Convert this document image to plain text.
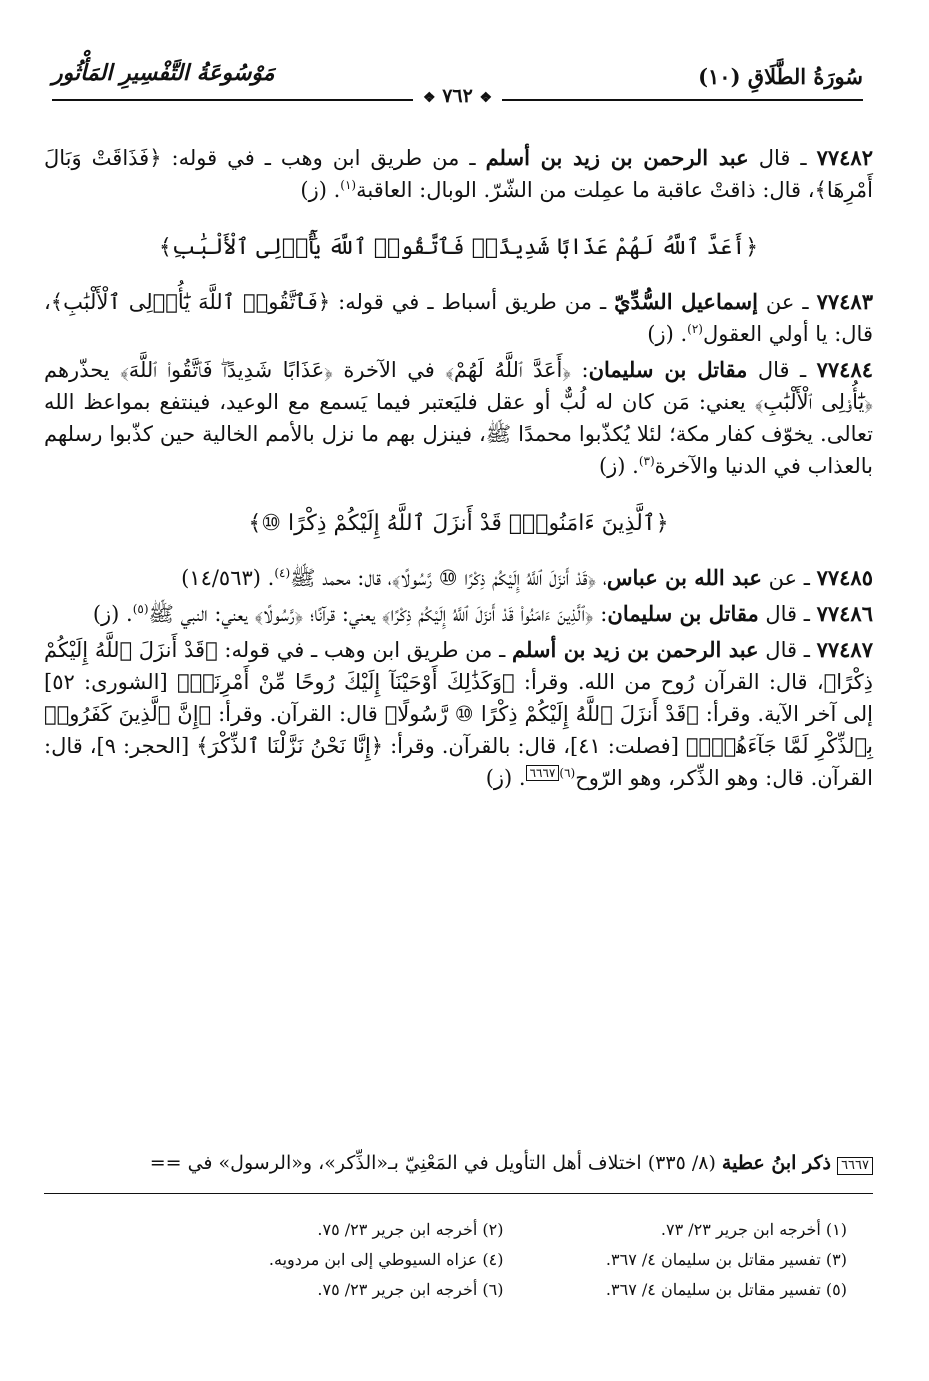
سُورَةُ الطَّلَاقِ (١٠)
مَوْسُوعَةُ التَّفْسِيرِ المَأْثُور
❖ ٧٦٢ ❖

٧٧٤٨٢ ـ قال عبد الرحمن بن زيد بن أسلم ـ من طريق ابن وهب ـ في قوله: ﴿فَذَاقَتْ وَبَالَ أَمْرِهَا﴾، قال: ذاقتْ عاقبة ما عمِلت من الشّرّ. الوبال: العاقبة$^{(١)}$. (ز)

﴿أَعَدَّ ٱللَّهُ لَهُمْ عَذَابًا شَدِيدًاۖ فَٱتَّقُوا۟ ٱللَّهَ يَٰٓأُو۟لِى ٱلْأَلْبَٰبِ﴾

٧٧٤٨٣ ـ عن إسماعيل السُّدِّيّ ـ من طريق أسباط ـ في قوله: ﴿فَٱتَّقُوا۟ ٱللَّهَ يَٰٓأُو۟لِى ٱلْأَلْبَٰبِ﴾، قال: يا أولي العقول$^{(٢)}$. (ز)

٧٧٤٨٤ ـ قال مقاتل بن سليمان: ﴿أَعَدَّ ٱللَّهُ لَهُمْ﴾ في الآخرة ﴿عَذَابًا شَدِيدًاۖ فَٱتَّقُوا۟ ٱللَّهَ﴾ يحذّرهم ﴿يَٰٓأُو۟لِى ٱلْأَلْبَٰبِ﴾ يعني: مَن كان له لُبٌّ أو عقل فليَعتبر فيما يَسمع مع الوعيد، فينتفع بمواعظ الله تعالى. يخوّف كفار مكة؛ لئلا يُكذّبوا محمدًا ﷺ، فينزل بهم ما نزل بالأمم الخالية حين كذّبوا رسلهم بالعذاب في الدنيا والآخرة$^{(٣)}$. (ز)

﴿ٱلَّذِينَ ءَامَنُوا۟ۚ قَدْ أَنزَلَ ٱللَّهُ إِلَيْكُمْ ذِكْرًا ⑩﴾

٧٧٤٨٥ ـ عن عبد الله بن عباس، ﴿قَدْ أَنزَلَ ٱللَّهُ إِلَيْكُمْ ذِكْرًا ⑩ رَّسُولًا﴾، قال: محمد ﷺ$^{(٤)}$. (١٤/٥٦٣)

٧٧٤٨٦ ـ قال مقاتل بن سليمان: ﴿ٱلَّذِينَ ءَامَنُوا۟ قَدْ أَنزَلَ ٱللَّهُ إِلَيْكُمْ ذِكْرًا﴾ يعني: قرآنًا؛ ﴿رَّسُولًا﴾ يعني: النبي ﷺ$^{(٥)}$. (ز)

٧٧٤٨٧ ـ قال عبد الرحمن بن زيد بن أسلم ـ من طريق ابن وهب ـ في قوله: ﴿قَدْ أَنزَلَ ٱللَّهُ إِلَيْكُمْ ذِكْرًا﴾، قال: القرآن رُوح من الله. وقرأ: ﴿وَكَذَٰلِكَ أَوْحَيْنَآ إِلَيْكَ رُوحًا مِّنْ أَمْرِنَاۚ﴾ [الشورى: ٥٢] إلى آخر الآية. وقرأ: ﴿قَدْ أَنزَلَ ٱللَّهُ إِلَيْكُمْ ذِكْرًا ⑩ رَّسُولًا﴾ قال: القرآن. وقرأ: ﴿إِنَّ ٱلَّذِينَ كَفَرُوا۟ بِٱلذِّكْرِ لَمَّا جَآءَهُمْۖ﴾ [فصلت: ٤١]، قال: بالقرآن. وقرأ: ﴿إِنَّا نَحْنُ نَزَّلْنَا ٱلذِّكْرَ﴾ [الحجر: ٩]، قال: القرآن. قال: وهو الذِّكر، وهو الرّوح$^{(٦)}$٦٦٦٧. (ز)

٦٦٦٧ ذكر ابنُ عطية (٨/ ٣٣٥) اختلاف أهل التأويل في المَعْنِيّ بـ«الذِّكر»، و«الرسول» في ==
(١) أخرجه ابن جرير ٢٣/ ٧٣.
(٢) أخرجه ابن جرير ٢٣/ ٧٥.
(٣) تفسير مقاتل بن سليمان ٤/ ٣٦٧.
(٤) عزاه السيوطي إلى ابن مردويه.
(٥) تفسير مقاتل بن سليمان ٤/ ٣٦٧.
(٦) أخرجه ابن جرير ٢٣/ ٧٥.
